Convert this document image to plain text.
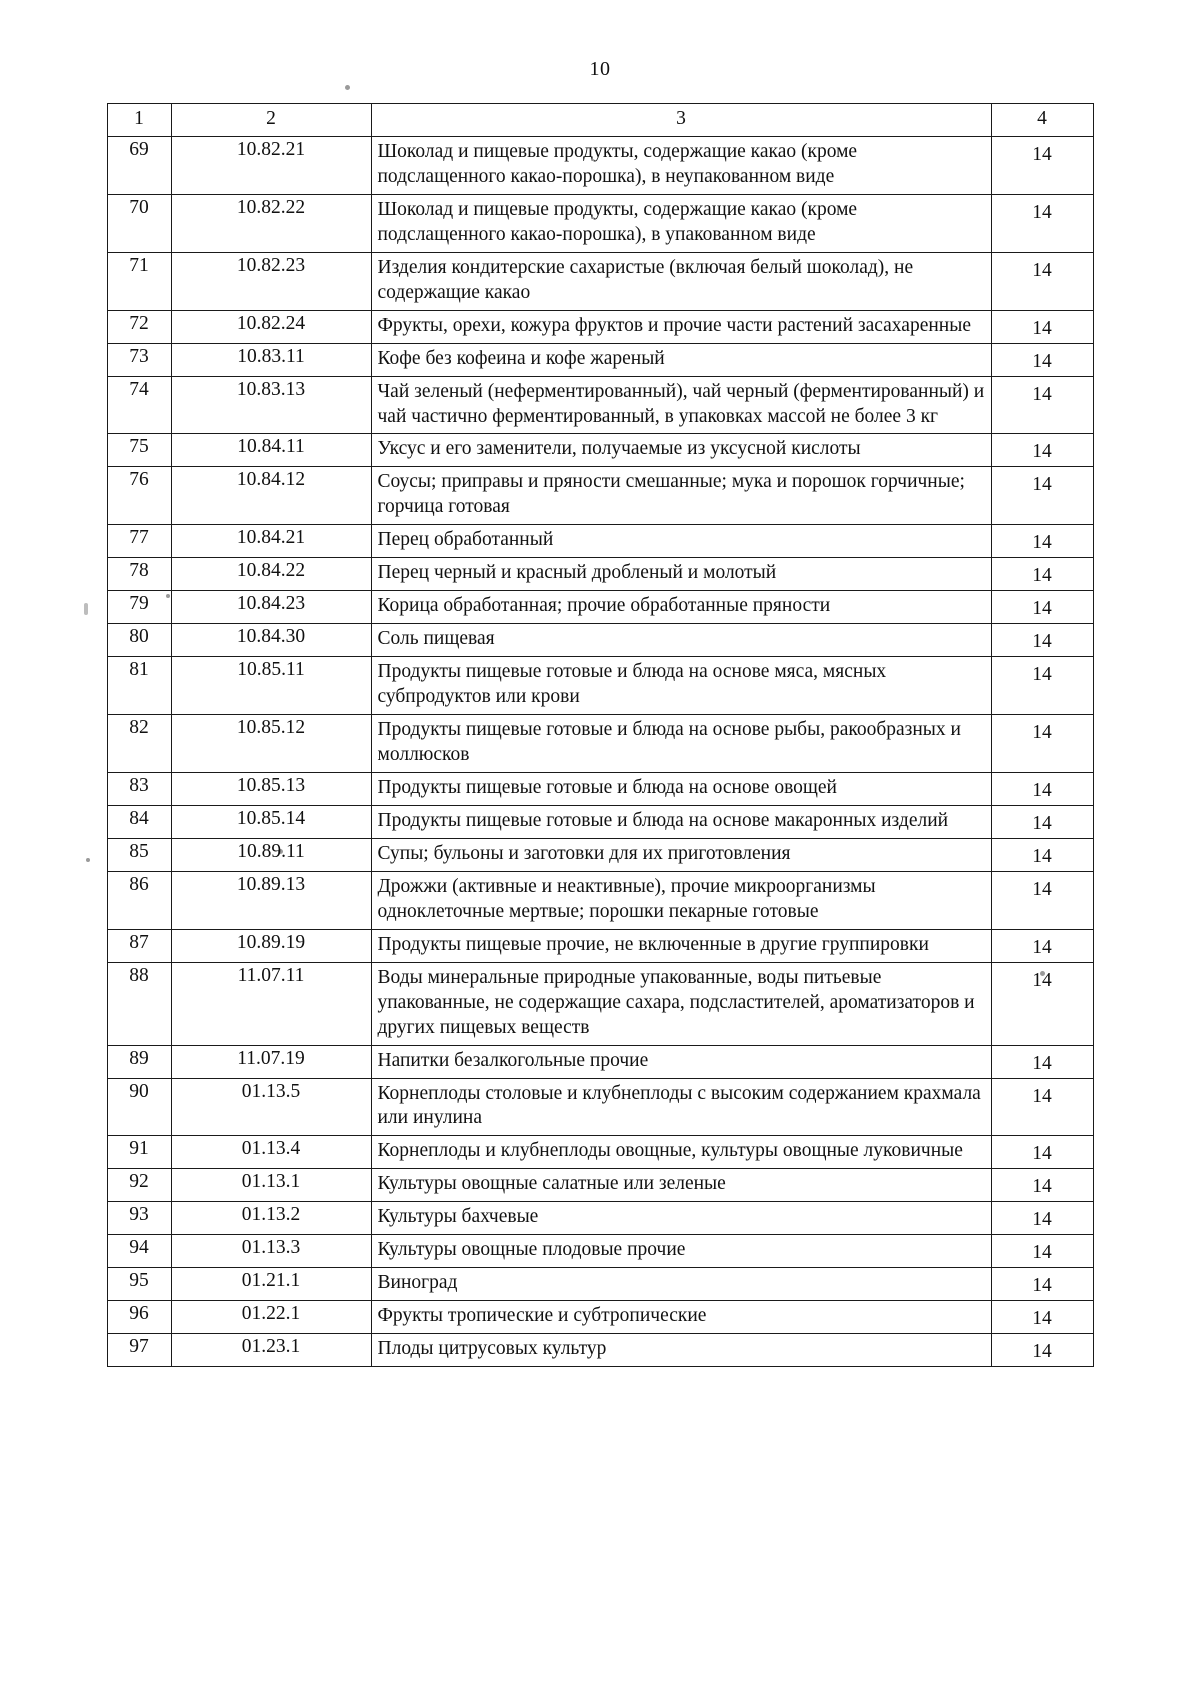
10
1	2	3	4
69	10.82.21	Шоколад и пищевые продукты, содержащие какао (кроме подслащенного какао-порошка), в неупакованном виде	14
70	10.82.22	Шоколад и пищевые продукты, содержащие какао (кроме подслащенного какао-порошка), в упакованном виде	14
71	10.82.23	Изделия кондитерские сахаристые (включая белый шоколад), не содержащие какао	14
72	10.82.24	Фрукты, орехи, кожура фруктов и прочие части растений засахаренные	14
73	10.83.11	Кофе без кофеина и кофе жареный	14
74	10.83.13	Чай зеленый (неферментированный), чай черный (ферментированный) и чай частично ферментированный, в упаковках массой не более 3 кг	14
75	10.84.11	Уксус и его заменители, получаемые из уксусной кислоты	14
76	10.84.12	Соусы; приправы и пряности смешанные; мука и порошок горчичные; горчица готовая	14
77	10.84.21	Перец обработанный	14
78	10.84.22	Перец черный и красный дробленый и молотый	14
79	10.84.23	Корица обработанная; прочие обработанные пряности	14
80	10.84.30	Соль пищевая	14
81	10.85.11	Продукты пищевые готовые и блюда на основе мяса, мясных субпродуктов или крови	14
82	10.85.12	Продукты пищевые готовые и блюда на основе рыбы, ракообразных и моллюсков	14
83	10.85.13	Продукты пищевые готовые и блюда на основе овощей	14
84	10.85.14	Продукты пищевые готовые и блюда на основе макаронных изделий	14
85	10.89.11	Супы; бульоны и заготовки для их приготовления	14
86	10.89.13	Дрожжи (активные и неактивные), прочие микроорганизмы одноклеточные мертвые; порошки пекарные готовые	14
87	10.89.19	Продукты пищевые прочие, не включенные в другие группировки	14
88	11.07.11	Воды минеральные природные упакованные, воды питьевые упакованные, не содержащие сахара, подсластителей, ароматизаторов и других пищевых веществ	14
89	11.07.19	Напитки безалкогольные прочие	14
90	01.13.5	Корнеплоды столовые и клубнеплоды с высоким содержанием крахмала или инулина	14
91	01.13.4	Корнеплоды и клубнеплоды овощные, культуры овощные луковичные	14
92	01.13.1	Культуры овощные салатные или зеленые	14
93	01.13.2	Культуры бахчевые	14
94	01.13.3	Культуры овощные плодовые прочие	14
95	01.21.1	Виноград	14
96	01.22.1	Фрукты тропические и субтропические	14
97	01.23.1	Плоды цитрусовых культур	14
